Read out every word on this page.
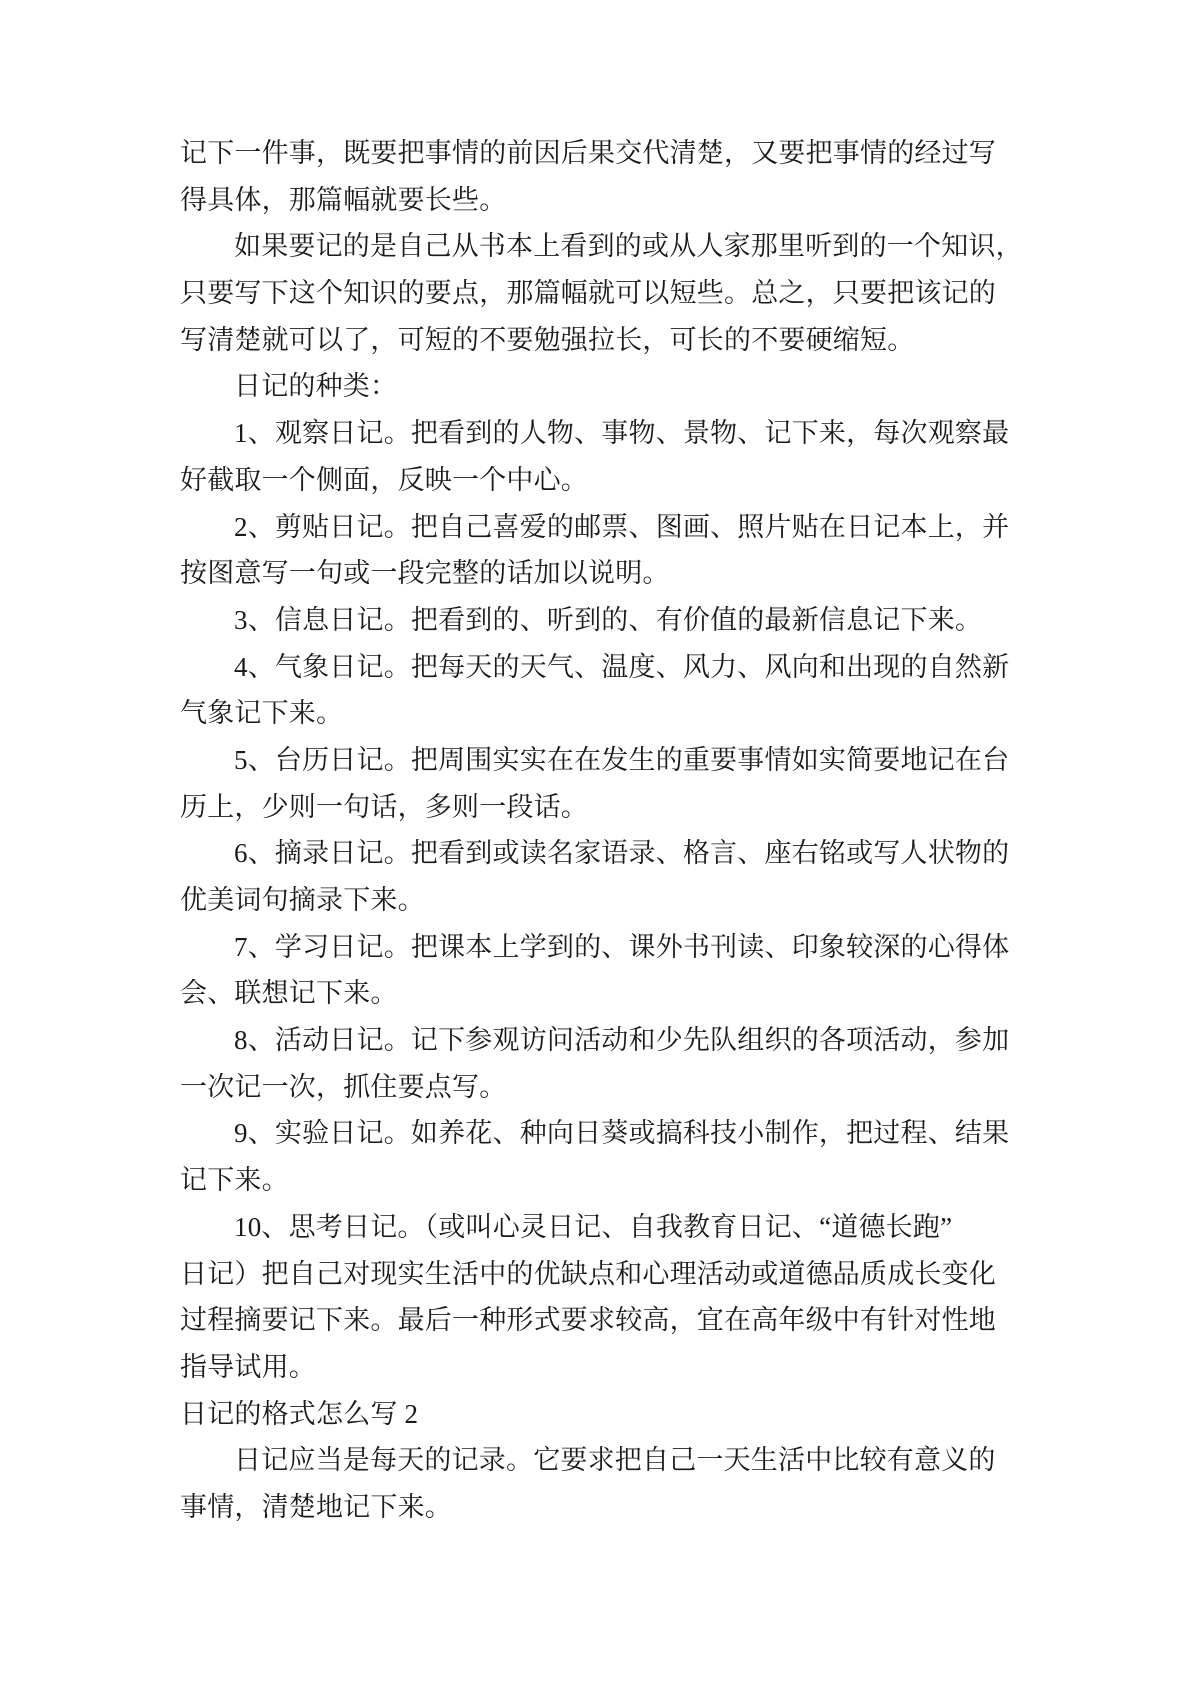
记下一件事，既要把事情的前因后果交代清楚，又要把事情的经过写
得具体，那篇幅就要长些。
如果要记的是自己从书本上看到的或从人家那里听到的一个知识，
只要写下这个知识的要点，那篇幅就可以短些。总之，只要把该记的
写清楚就可以了，可短的不要勉强拉长，可长的不要硬缩短。
日记的种类：
1、观察日记。把看到的人物、事物、景物、记下来，每次观察最
好截取一个侧面，反映一个中心。
2、剪贴日记。把自己喜爱的邮票、图画、照片贴在日记本上，并
按图意写一句或一段完整的话加以说明。
3、信息日记。把看到的、听到的、有价值的最新信息记下来。
4、气象日记。把每天的天气、温度、风力、风向和出现的自然新
气象记下来。
5、台历日记。把周围实实在在发生的重要事情如实简要地记在台
历上，少则一句话，多则一段话。
6、摘录日记。把看到或读名家语录、格言、座右铭或写人状物的
优美词句摘录下来。
7、学习日记。把课本上学到的、课外书刊读、印象较深的心得体
会、联想记下来。
8、活动日记。记下参观访问活动和少先队组织的各项活动，参加
一次记一次，抓住要点写。
9、实验日记。如养花、种向日葵或搞科技小制作，把过程、结果
记下来。
10、思考日记。（或叫心灵日记、自我教育日记、“道德长跑”
日记）把自己对现实生活中的优缺点和心理活动或道德品质成长变化
过程摘要记下来。最后一种形式要求较高，宜在高年级中有针对性地
指导试用。
日记的格式怎么写 2
日记应当是每天的记录。它要求把自己一天生活中比较有意义的
事情，清楚地记下来。
